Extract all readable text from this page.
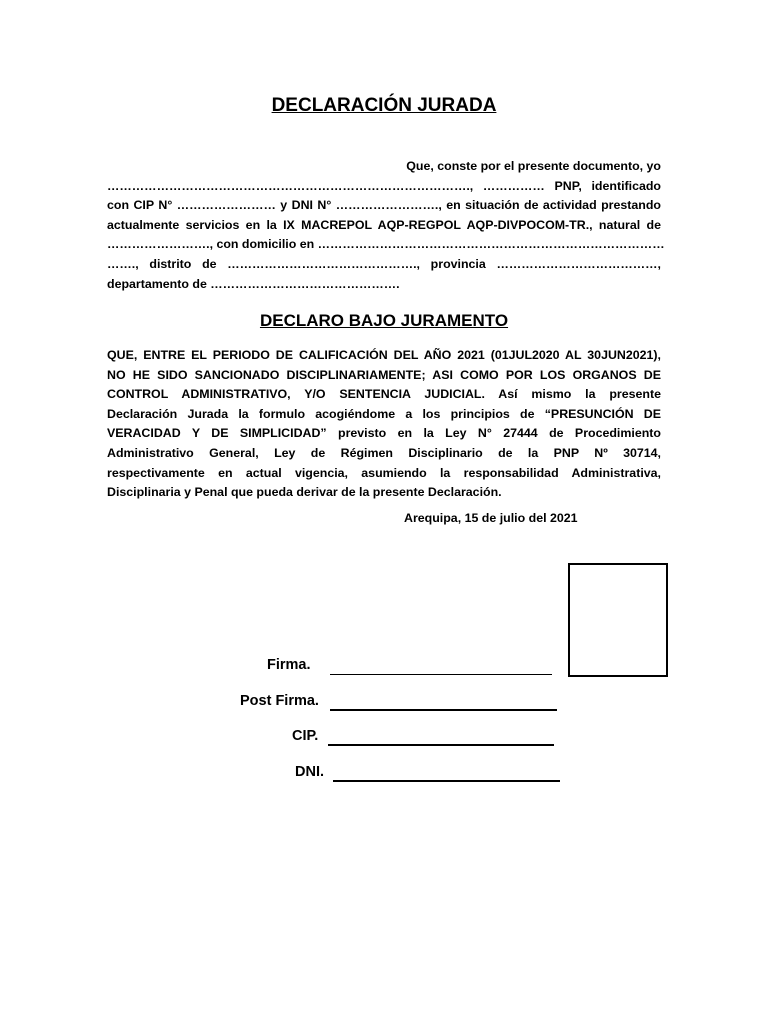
DECLARACIÓN JURADA
Que, conste por el presente documento, yo
……………………………………………………………………………., …………… PNP, identificado
con CIP N° …………………… y DNI N° ……………………., en situación de actividad prestando
actualmente servicios en la IX MACREPOL AQP-REGPOL AQP-DIVPOCOM-TR., natural de
……………………., con domicilio en …………………………………………………………………………
……., distrito de ………………………………………., provincia …………………………………,
departamento de ……………………………………….
DECLARO BAJO JURAMENTO
QUE, ENTRE EL PERIODO DE CALIFICACIÓN DEL AÑO 2021 (01JUL2020 AL 30JUN2021),
NO HE SIDO SANCIONADO DISCIPLINARIAMENTE; ASI COMO POR LOS ORGANOS DE
CONTROL ADMINISTRATIVO, Y/O SENTENCIA JUDICIAL. Así mismo la presente
Declaración Jurada la formulo acogiéndome a los principios de “PRESUNCIÓN DE
VERACIDAD Y DE SIMPLICIDAD” previsto en la Ley N° 27444 de Procedimiento
Administrativo General, Ley de Régimen Disciplinario de la PNP Nº 30714,
respectivamente en actual vigencia, asumiendo la responsabilidad Administrativa,
Disciplinaria y Penal que pueda derivar de la presente Declaración.
Arequipa, 15 de julio del 2021
Firma.
Post Firma.
CIP.
DNI.
